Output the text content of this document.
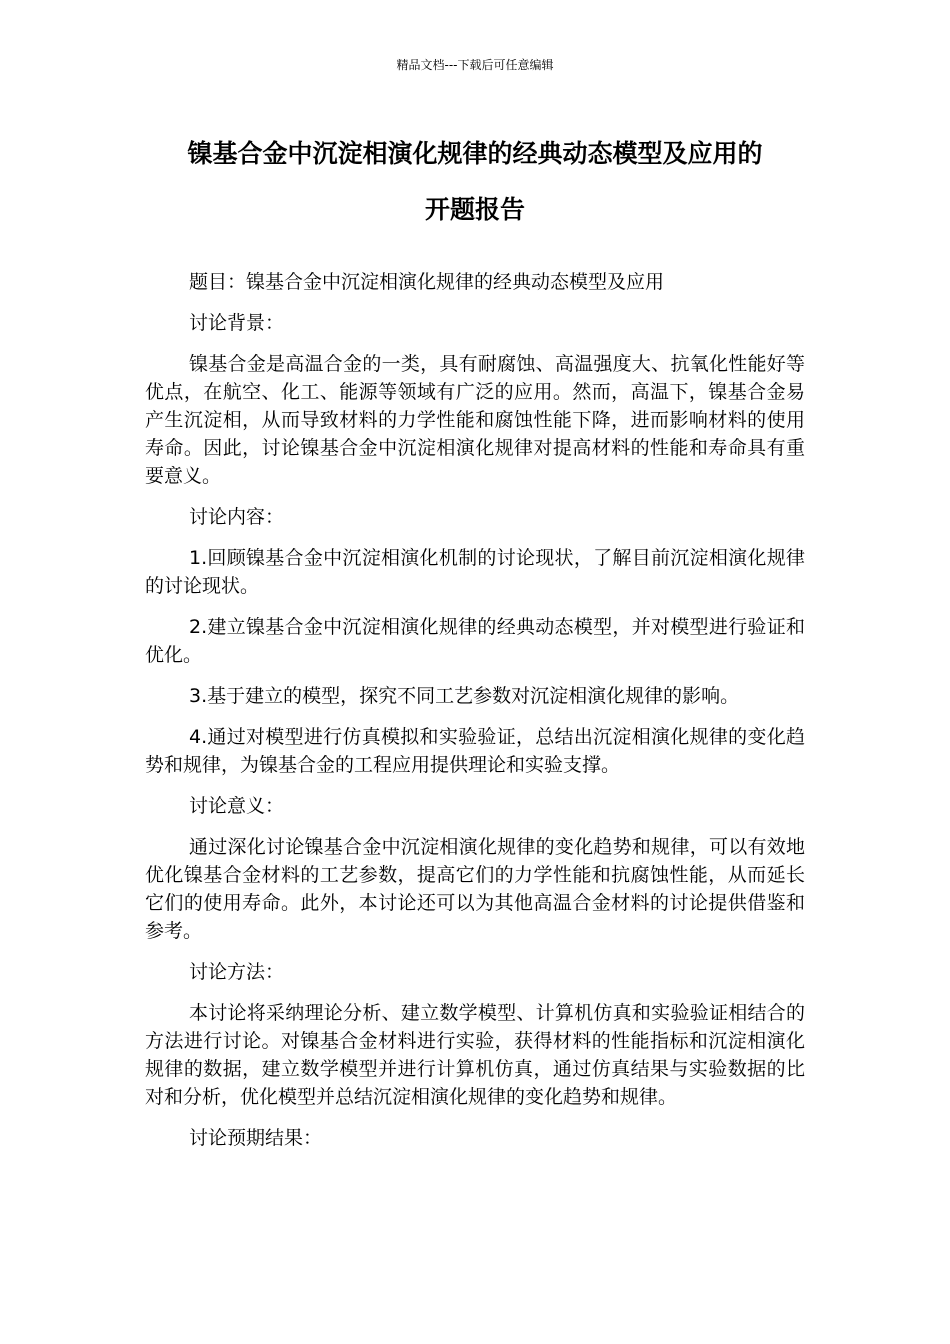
精品文档---下载后可任意编辑
镍基合金中沉淀相演化规律的经典动态模型及应用的
开题报告

题目：镍基合金中沉淀相演化规律的经典动态模型及应用

讨论背景：

镍基合金是高温合金的一类，具有耐腐蚀、高温强度大、抗氧化性能好等优点，在航空、化工、能源等领域有广泛的应用。然而，高温下，镍基合金易产生沉淀相，从而导致材料的力学性能和腐蚀性能下降，进而影响材料的使用寿命。因此，讨论镍基合金中沉淀相演化规律对提高材料的性能和寿命具有重要意义。

讨论内容：

1.回顾镍基合金中沉淀相演化机制的讨论现状，了解目前沉淀相演化规律的讨论现状。

2.建立镍基合金中沉淀相演化规律的经典动态模型，并对模型进行验证和优化。

3.基于建立的模型，探究不同工艺参数对沉淀相演化规律的影响。

4.通过对模型进行仿真模拟和实验验证，总结出沉淀相演化规律的变化趋势和规律，为镍基合金的工程应用提供理论和实验支撑。

讨论意义：

通过深化讨论镍基合金中沉淀相演化规律的变化趋势和规律，可以有效地优化镍基合金材料的工艺参数，提高它们的力学性能和抗腐蚀性能，从而延长它们的使用寿命。此外，本讨论还可以为其他高温合金材料的讨论提供借鉴和参考。

讨论方法：

本讨论将采纳理论分析、建立数学模型、计算机仿真和实验验证相结合的方法进行讨论。对镍基合金材料进行实验，获得材料的性能指标和沉淀相演化规律的数据，建立数学模型并进行计算机仿真，通过仿真结果与实验数据的比对和分析，优化模型并总结沉淀相演化规律的变化趋势和规律。

讨论预期结果：
